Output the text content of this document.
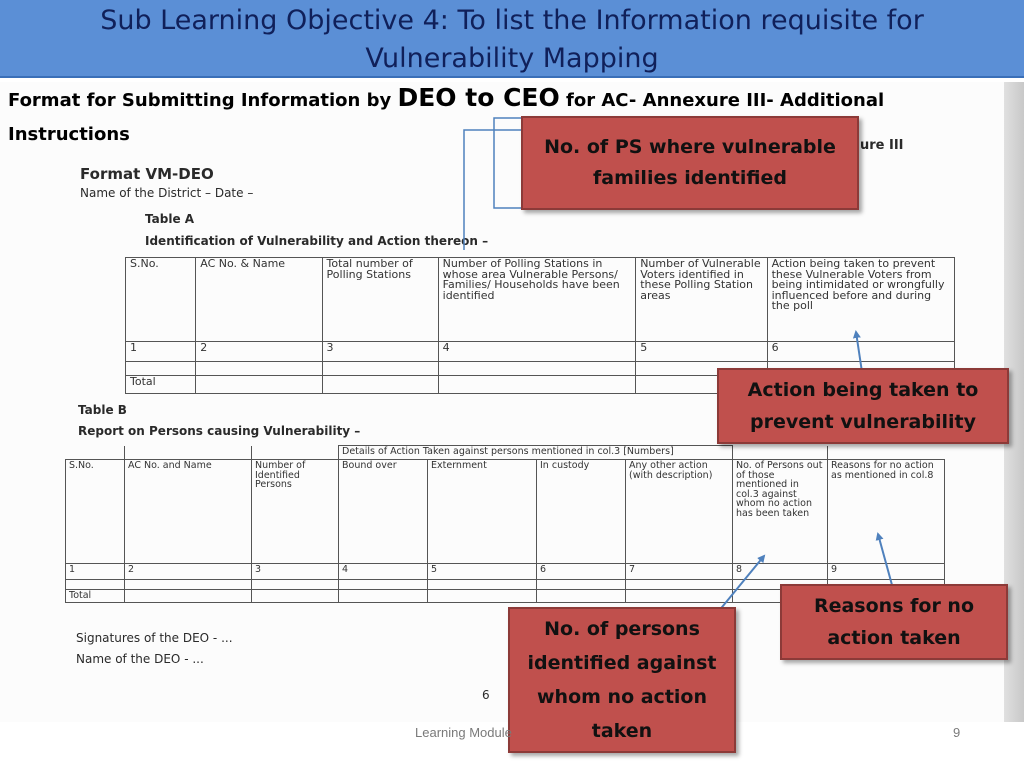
Sub Learning Objective 4: To list the Information requisite for Vulnerability Mapping
Format for Submitting Information by DEO to CEO for AC- Annexure III- Additional Instructions
ure III
Format VM-DEO
Name of the District – Date –
Table A
Identification of Vulnerability and Action thereon –
S.No.	AC No. & Name	Total number of Polling Stations	Number of Polling Stations in whose area Vulnerable Persons/ Families/ Households have been identified	Number of Vulnerable Voters identified in these Polling Station areas	Action being taken to prevent these Vulnerable Voters from being intimidated or wrongfully influenced before and during the poll
1	2	3	4	5	6

Total					
Table B
Report on Persons causing Vulnerability –
			Details of Action Taken against persons mentioned in col.3 [Numbers]					
S.No.	AC No. and Name	Number of Identified Persons	Bound over	Externment	In custody	Any other action (with description)	No. of Persons out of those mentioned in col.3 against whom no action has been taken	Reasons for no action as mentioned in col.8
1	2	3	4	5	6	7	8	9

Total								
Signatures of the DEO - ...
Name of the DEO - ...
6
No. of PS where vulnerable families identified
Action being taken to prevent vulnerability
Reasons for no action taken
No. of persons identified against whom no action taken
Learning Module	9
